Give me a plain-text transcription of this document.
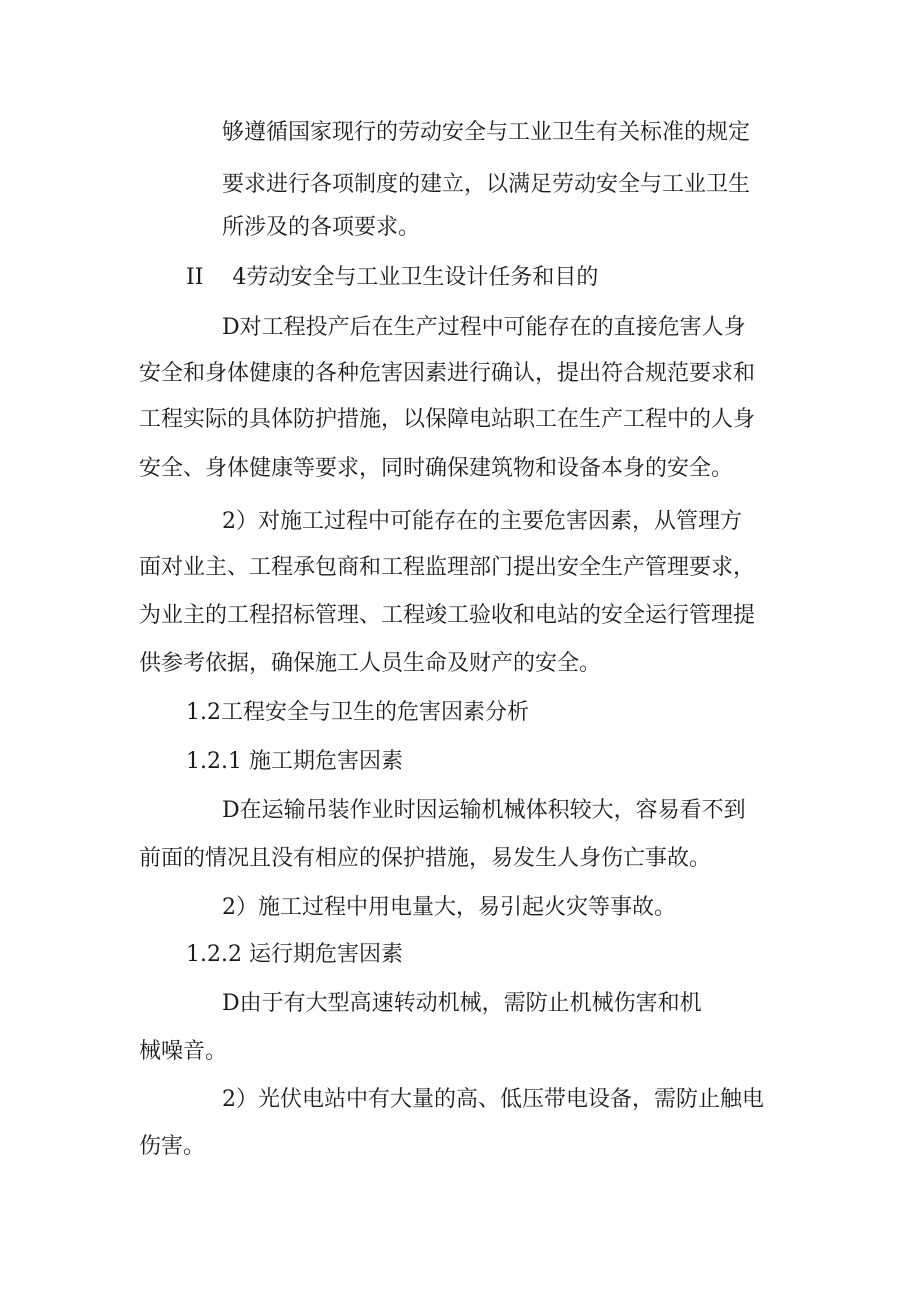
够遵循国家现行的劳动安全与工业卫生有关标准的规定
要求进行各项制度的建立，以满足劳动安全与工业卫生
所涉及的各项要求。
II　 4劳动安全与工业卫生设计任务和目的
D对工程投产后在生产过程中可能存在的直接危害人身
安全和身体健康的各种危害因素进行确认，提出符合规范要求和
工程实际的具体防护措施，以保障电站职工在生产工程中的人身
安全、身体健康等要求，同时确保建筑物和设备本身的安全。
2）对施工过程中可能存在的主要危害因素，从管理方
面对业主、工程承包商和工程监理部门提出安全生产管理要求，
为业主的工程招标管理、工程竣工验收和电站的安全运行管理提
供参考依据，确保施工人员生命及财产的安全。
1.2工程安全与卫生的危害因素分析
1.2.1 施工期危害因素
D在运输吊装作业时因运输机械体积较大，容易看不到
前面的情况且没有相应的保护措施，易发生人身伤亡事故。
2）施工过程中用电量大，易引起火灾等事故。
1.2.2 运行期危害因素
D由于有大型高速转动机械，需防止机械伤害和机
械噪音。
2）光伏电站中有大量的高、低压带电设备，需防止触电
伤害。
